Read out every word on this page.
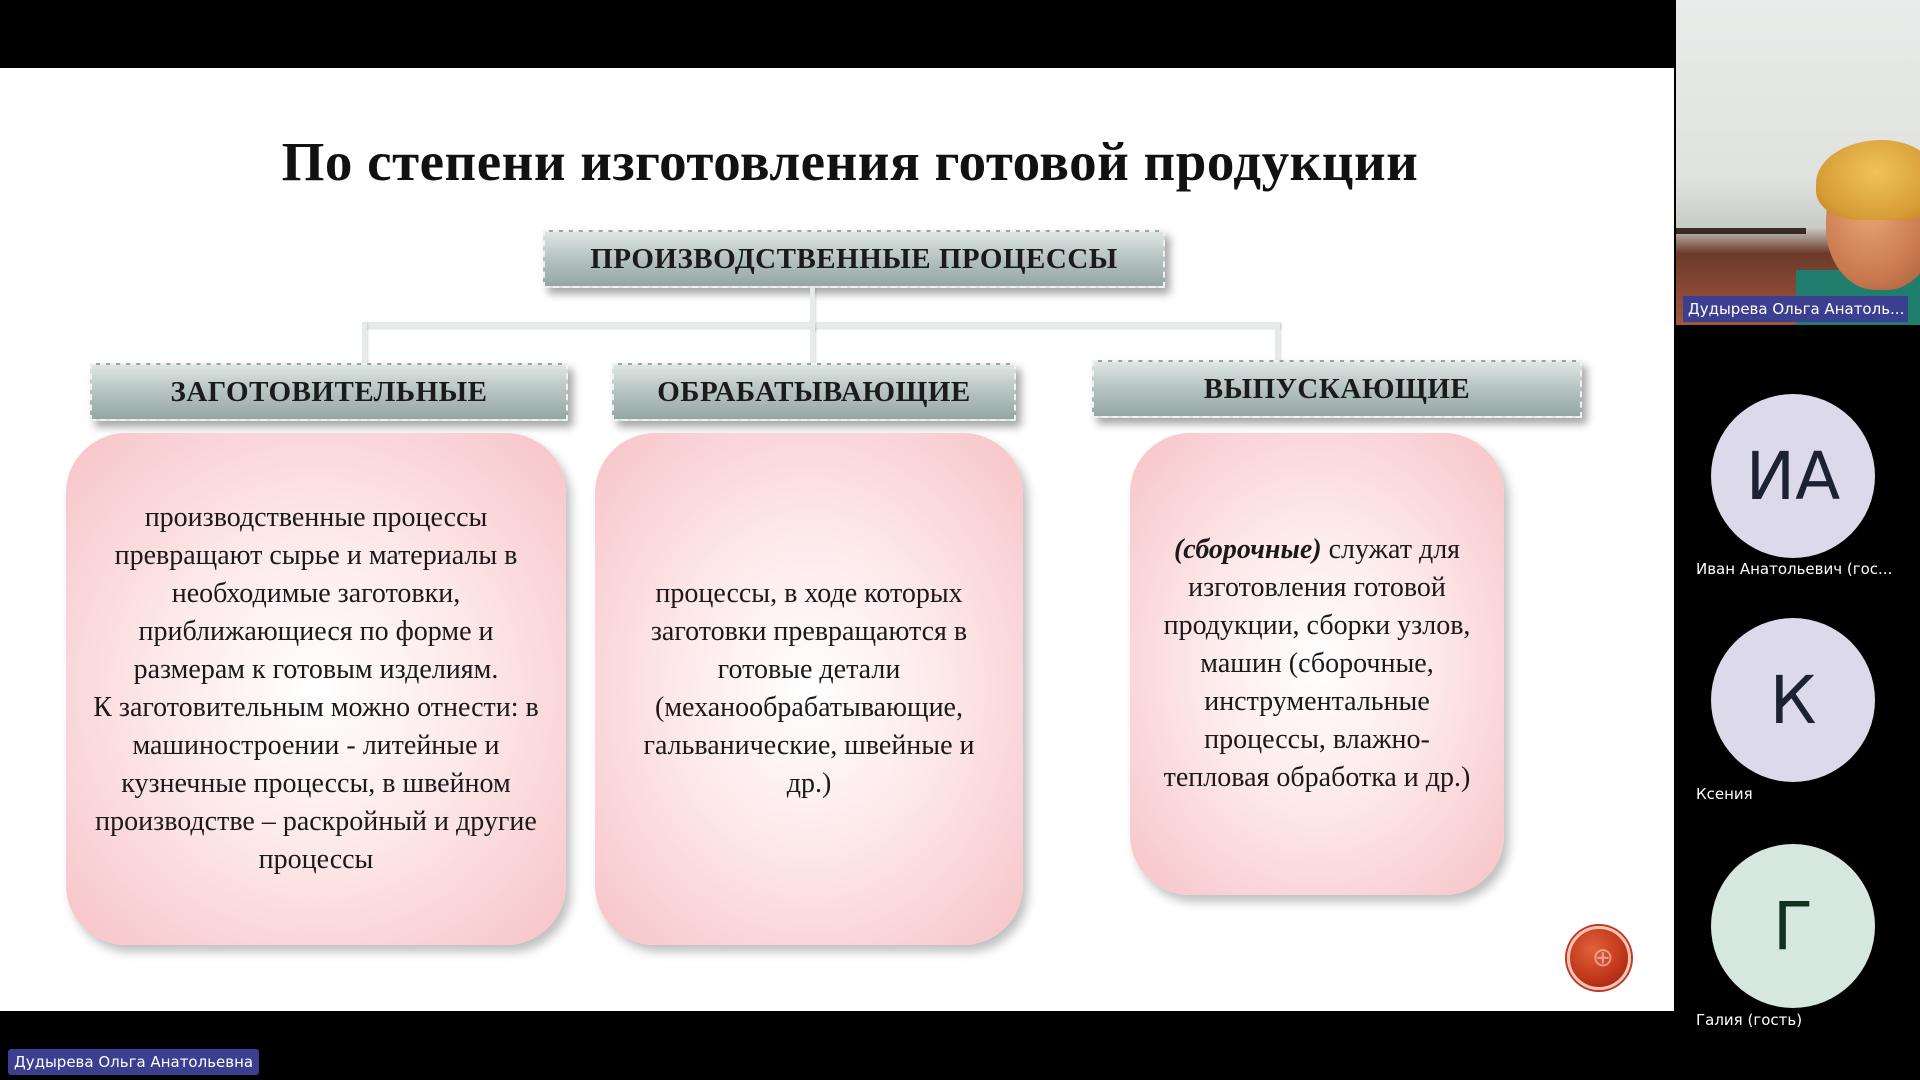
По степени изготовления готовой продукции
ПРОИЗВОДСТВЕННЫЕ ПРОЦЕССЫ
ЗАГОТОВИТЕЛЬНЫЕ	ОБРАБАТЫВАЮЩИЕ	ВЫПУСКАЮЩИЕ
производственные процессы превращают сырье и материалы в необходимые заготовки, приближающиеся по форме и размерам к готовым изделиям.
К заготовительным можно отнести: в машиностроении - литейные и кузнечные процессы, в швейном производстве – раскройный и другие процессы
процессы, в ходе которых заготовки превращаются в готовые детали (механообрабатывающие, гальванические, швейные и др.)
(сборочные) служат для изготовления готовой продукции, сборки узлов, машин (сборочные, инструментальные процессы, влажно-тепловая обработка и др.)
⊕
Дудырева Ольга Анатоль...
ИА
Иван Анатольевич (гос...
К
Ксения
Г
Галия (гость)
Дудырева Ольга Анатольевна
